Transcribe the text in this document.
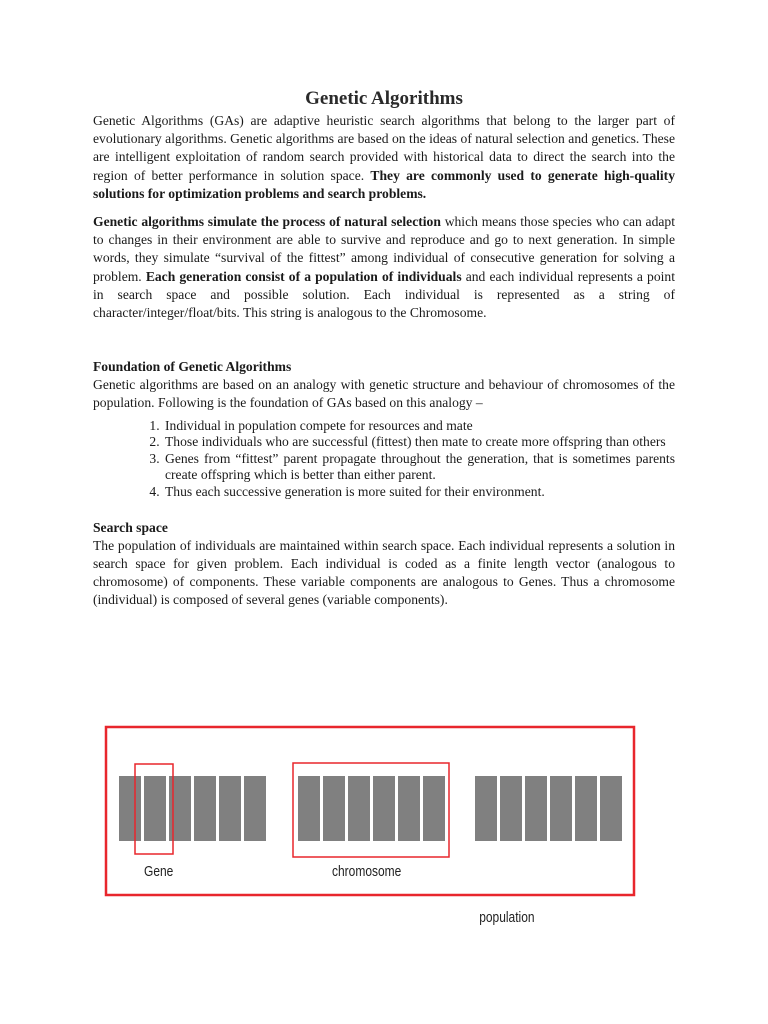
Genetic Algorithms

Genetic Algorithms (GAs) are adaptive heuristic search algorithms that belong to the larger part of evolutionary algorithms. Genetic algorithms are based on the ideas of natural selection and genetics. These are intelligent exploitation of random search provided with historical data to direct the search into the region of better performance in solution space. They are commonly used to generate high-quality solutions for optimization problems and search problems.

Genetic algorithms simulate the process of natural selection which means those species who can adapt to changes in their environment are able to survive and reproduce and go to next generation. In simple words, they simulate “survival of the fittest” among individual of consecutive generation for solving a problem. Each generation consist of a population of individuals and each individual represents a point in search space and possible solution. Each individual is represented as a string of character/integer/float/bits. This string is analogous to the Chromosome.

Foundation of Genetic Algorithms

Genetic algorithms are based on an analogy with genetic structure and behaviour of chromosomes of the population. Following is the foundation of GAs based on this analogy –

1. Individual in population compete for resources and mate
2. Those individuals who are successful (fittest) then mate to create more offspring than others
3. Genes from “fittest” parent propagate throughout the generation, that is sometimes parents create offspring which is better than either parent.
4. Thus each successive generation is more suited for their environment.
Search space

The population of individuals are maintained within search space. Each individual represents a solution in search space for given problem. Each individual is coded as a finite length vector (analogous to chromosome) of components. These variable components are analogous to Genes. Thus a chromosome (individual) is composed of several genes (variable components).

Gene	chromosome
population
